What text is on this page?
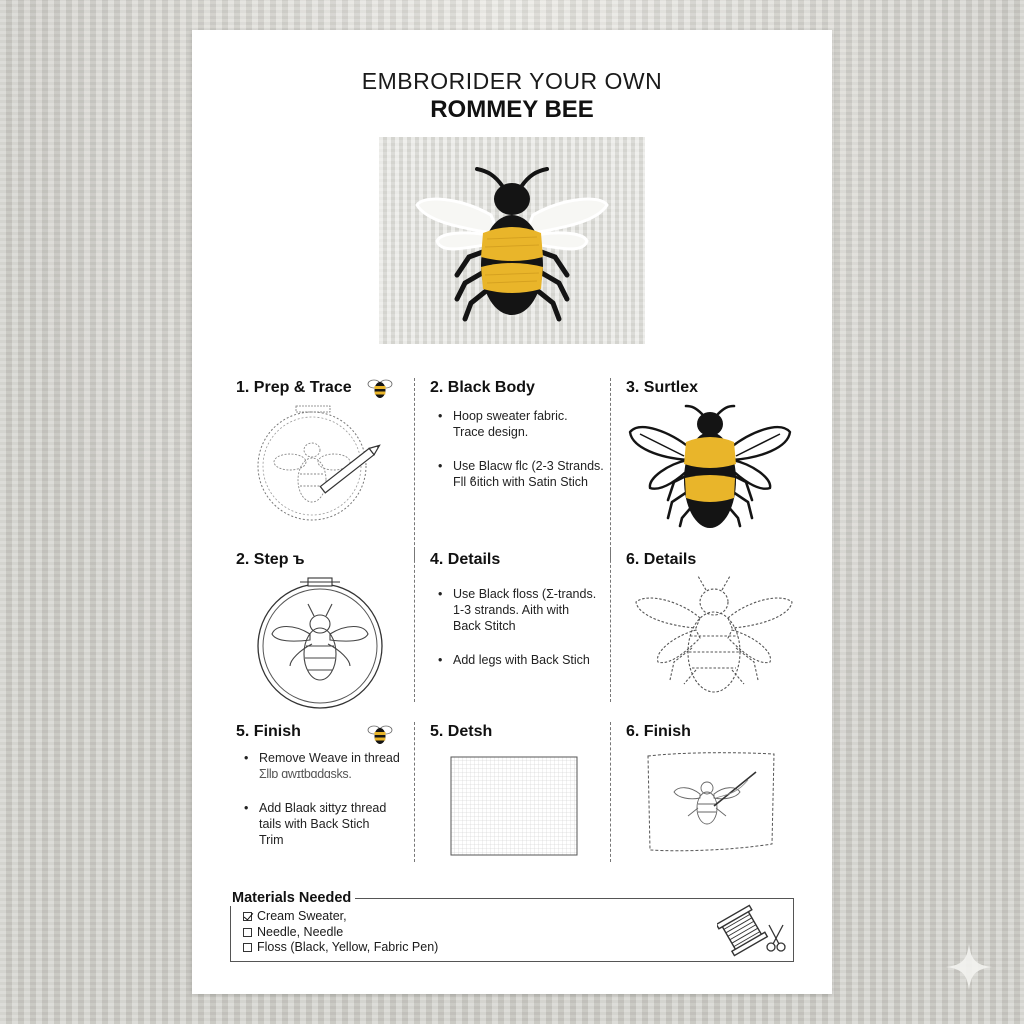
EMBRORIDER YOUR OWN
ROMMEY BEE
1. Prep & Trace	2. Black Body
• Hoop sweater fabric.
Trace design.
• Use Blacw flc (2-3 Strands.
Fll ϐitich with Satin Stich
3. Surtlex
2. Step ъ	4. Details
• Use Black floss (Σ-trands.
1-3 strands. Aith with
Back Stitch
• Add legs with Back Stich
6. Details
5. Finish
• Remove Weave in thread
Ʃllɒ ɑwɪtbɑdɑsks.
• Add Blaɑk ɜittyz thread
tails with Back Stich
Trim
5. Detsh	6. Finish
Cream Sweater,
Needle, Needle
Floss (Black, Yellow, Fabric Pen)
Materials Needed
